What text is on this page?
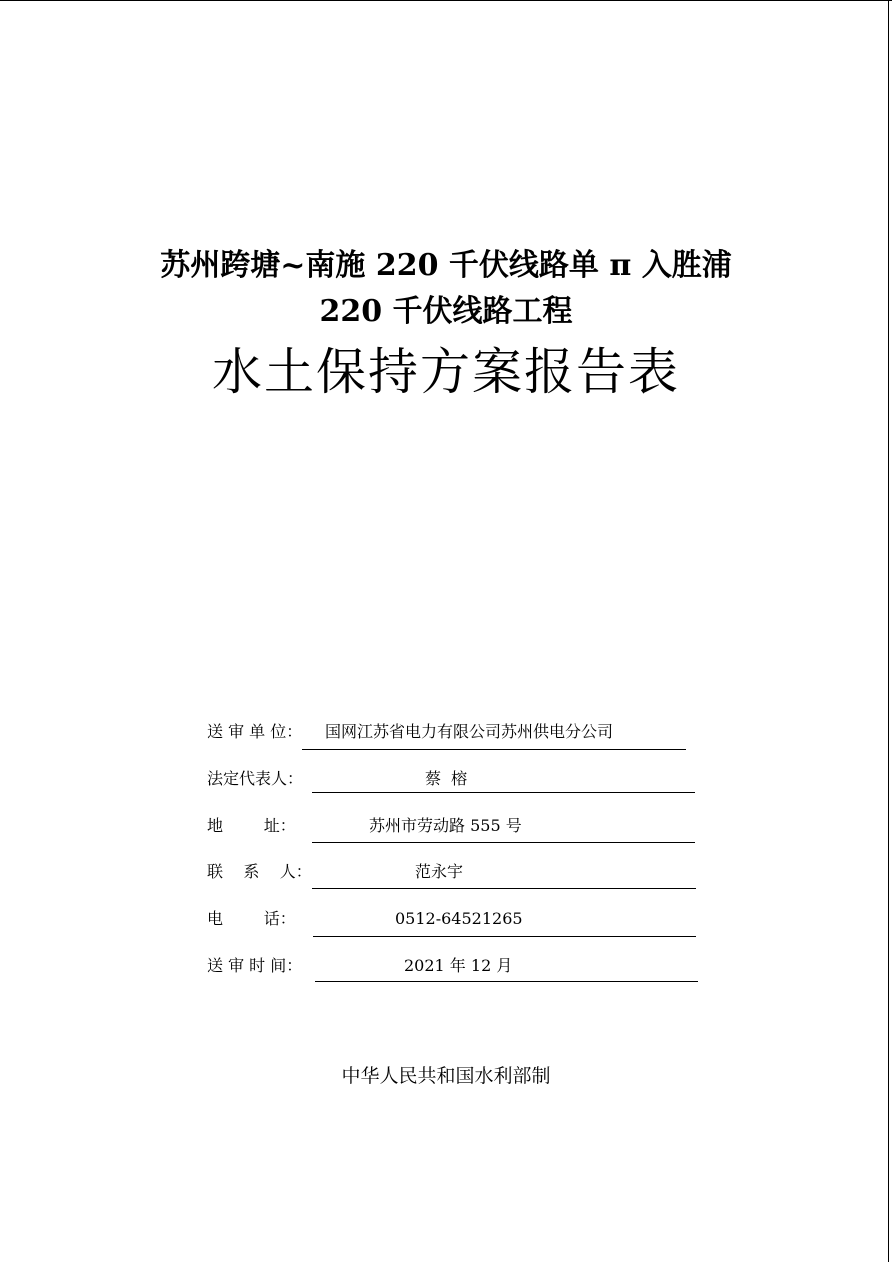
苏州跨塘~南施 220 千伏线路单 π 入胜浦
220 千伏线路工程
水土保持方案报告表
送 审 单 位： 国网江苏省电力有限公司苏州供电分公司
法定代表人：	蔡  榕
地        址：	苏州市劳动路 555 号
联    系    人：	范永宇
电        话：	0512-64521265
送 审 时 间：	2021 年 12 月
中华人民共和国水利部制
